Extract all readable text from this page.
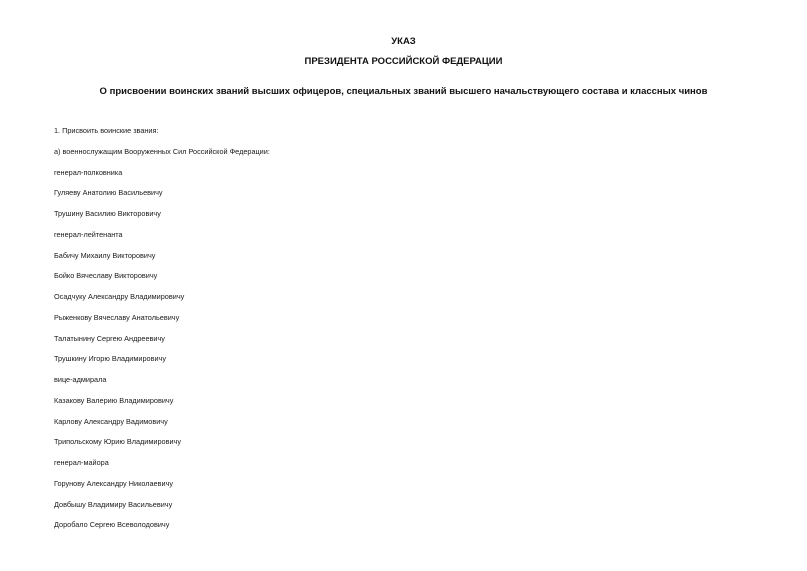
УКАЗ
ПРЕЗИДЕНТА РОССИЙСКОЙ ФЕДЕРАЦИИ
О присвоении воинских званий высших офицеров, специальных званий высшего начальствующего состава и классных чинов
1. Присвоить воинские звания:
а) военнослужащим Вооруженных Сил Российской Федерации:
генерал-полковника
Гуляеву Анатолию Васильевичу
Трушину Василию Викторовичу
генерал-лейтенанта
Бабичу Михаилу Викторовичу
Бойко Вячеславу Викторовичу
Осадчуку Александру Владимировичу
Рыженкову Вячеславу Анатольевичу
Талатынину Сергею Андреевичу
Трушкину Игорю Владимировичу
вице-адмирала
Казакову Валерию Владимировичу
Карлову Александру Вадимовичу
Трипольскому Юрию Владимировичу
генерал-майора
Горунову Александру Николаевичу
Довбышу Владимиру Васильевичу
Доробало Сергею Всеволодовичу
